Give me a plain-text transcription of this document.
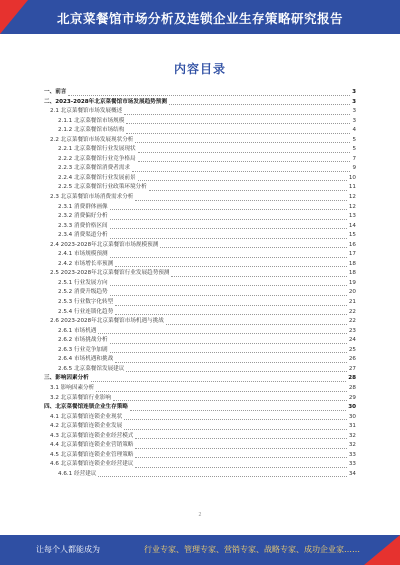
北京菜餐馆市场分析及连锁企业生存策略研究报告
内容目录
一、前言	3
二、2023-2028年北京菜餐馆市场发展趋势预测	3
2.1 北京菜餐馆市场发展概述	3
2.1.1 北京菜餐馆市场规模	3
2.1.2 北京菜餐馆市场结构	4
2.2 北京菜餐馆市场发展现状分析	5
2.2.1 北京菜餐馆行业发展现状	5
2.2.2 北京菜餐馆行业竞争格局	7
2.2.3 北京菜餐馆消费者需求	9
2.2.4 北京菜餐馆行业发展前景	10
2.2.5 北京菜餐馆行业政策环境分析	11
2.3 北京菜餐馆市场消费需求分析	12
2.3.1 消费群体画像	12
2.3.2 消费偏好分析	13
2.3.3 消费价格区间	14
2.3.4 消费渠道分析	15
2.4 2023-2028年北京菜餐馆市场规模预测	16
2.4.1 市场规模预测	17
2.4.2 市场增长率预测	18
2.5 2023-2028年北京菜餐馆行业发展趋势预测	18
2.5.1 行业发展方向	19
2.5.2 消费升级趋势	20
2.5.3 行业数字化转型	21
2.5.4 行业连锁化趋势	22
2.6 2023-2028年北京菜餐馆市场机遇与挑战	22
2.6.1 市场机遇	23
2.6.2 市场挑战分析	24
2.6.3 行业竞争加剧	25
2.6.4 市场机遇和挑战	26
2.6.5 北京菜餐馆发展建议	27
三、影响因素分析	28
3.1 影响因素分析	28
3.2 北京菜餐馆行业影响	29
四、北京菜餐馆连锁企业生存策略	30
4.1 北京菜餐馆连锁企业现状	30
4.2 北京菜餐馆连锁企业发展	31
4.3 北京菜餐馆连锁企业经营模式	32
4.4 北京菜餐馆连锁企业营销策略	32
4.5 北京菜餐馆连锁企业管理策略	33
4.6 北京菜餐馆连锁企业经营建议	33
4.6.1 经营建议	34
2
让每个人都能成为	行业专家、管理专家、营销专家、战略专家、成功企业家……
